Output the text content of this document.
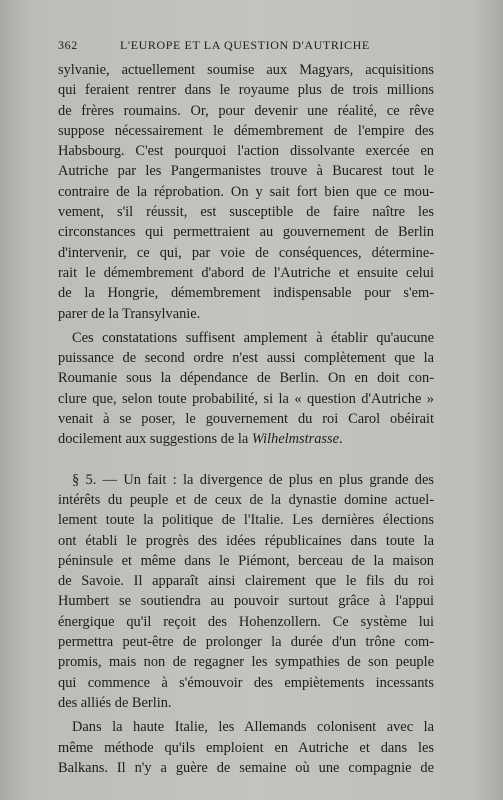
362	L'EUROPE ET LA QUESTION D'AUTRICHE
sylvanie, actuellement soumise aux Magyars, acquisitions
qui feraient rentrer dans le royaume plus de trois millions
de frères roumains. Or, pour devenir une réalité, ce rêve
suppose nécessairement le démembrement de l'empire des
Habsbourg. C'est pourquoi l'action dissolvante exercée en
Autriche par les Pangermanistes trouve à Bucarest tout le
contraire de la réprobation. On y sait fort bien que ce mou-
vement, s'il réussit, est susceptible de faire naître les
circonstances qui permettraient au gouvernement de Berlin
d'intervenir, ce qui, par voie de conséquences, détermine-
rait le démembrement d'abord de l'Autriche et ensuite celui
de la Hongrie, démembrement indispensable pour s'em-
parer de la Transylvanie.
Ces constatations suffisent amplement à établir qu'aucune
puissance de second ordre n'est aussi complètement que la
Roumanie sous la dépendance de Berlin. On en doit con-
clure que, selon toute probabilité, si la « question d'Autriche »
venait à se poser, le gouvernement du roi Carol obéirait
docilement aux suggestions de la Wilhelmstrasse.
§ 5. — Un fait : la divergence de plus en plus grande des
intérêts du peuple et de ceux de la dynastie domine actuel-
lement toute la politique de l'Italie. Les dernières élections
ont établi le progrès des idées républicaines dans toute la
péninsule et même dans le Piémont, berceau de la maison
de Savoie. Il apparaît ainsi clairement que le fils du roi
Humbert se soutiendra au pouvoir surtout grâce à l'appui
énergique qu'il reçoit des Hohenzollern. Ce système lui
permettra peut-être de prolonger la durée d'un trône com-
promis, mais non de regagner les sympathies de son peuple
qui commence à s'émouvoir des empiètements incessants
des alliés de Berlin.
Dans la haute Italie, les Allemands colonisent avec la
même méthode qu'ils emploient en Autriche et dans les
Balkans. Il n'y a guère de semaine où une compagnie de
